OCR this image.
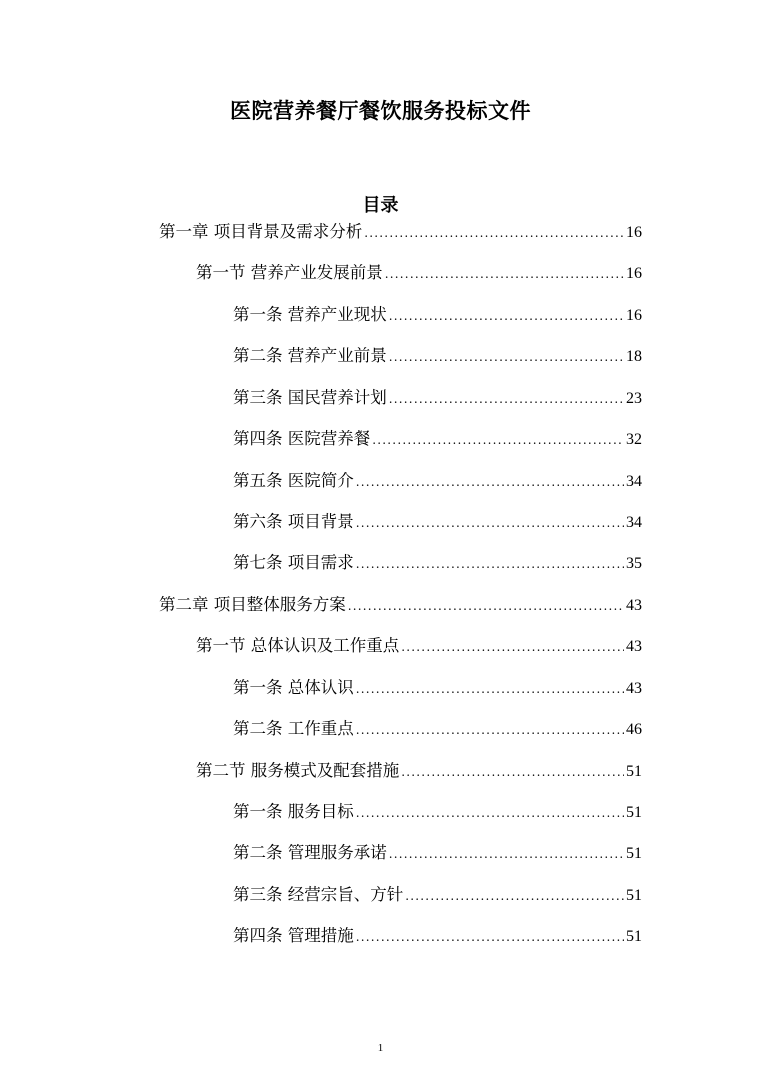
医院营养餐厅餐饮服务投标文件
目录
第一章 项目背景及需求分析 .....	16
第一节 营养产业发展前景 .....	16
第一条 营养产业现状 .....	16
第二条 营养产业前景 .....	18
第三条 国民营养计划 .....	23
第四条 医院营养餐 .....	32
第五条 医院简介 .....	34
第六条 项目背景 .....	34
第七条 项目需求 .....	35
第二章 项目整体服务方案 .....	43
第一节 总体认识及工作重点 .....	43
第一条 总体认识 .....	43
第二条 工作重点 .....	46
第二节 服务模式及配套措施 .....	51
第一条 服务目标 .....	51
第二条 管理服务承诺 .....	51
第三条 经营宗旨、方针 .....	51
第四条 管理措施 .....	51
1
